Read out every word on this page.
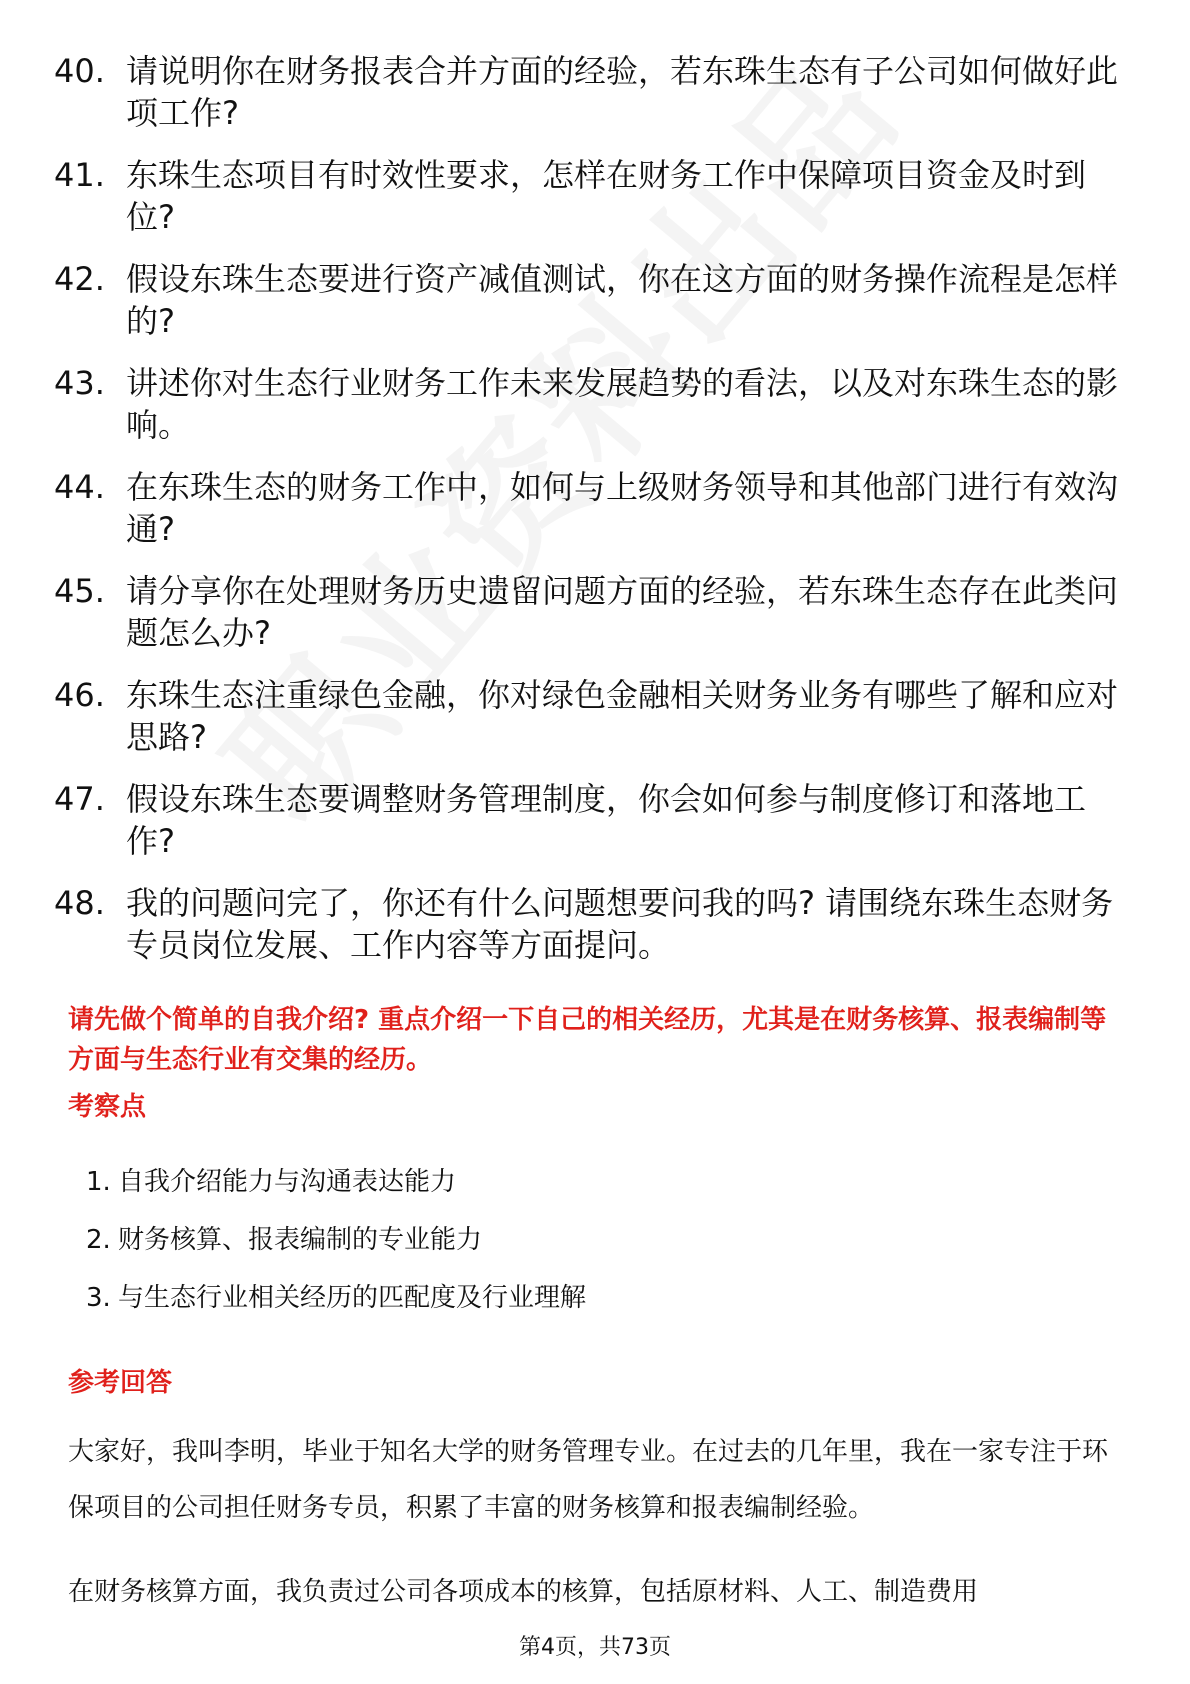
40. 请说明你在财务报表合并方面的经验，若东珠生态有子公司如何做好此项工作?
41. 东珠生态项目有时效性要求，怎样在财务工作中保障项目资金及时到位?
42. 假设东珠生态要进行资产减值测试，你在这方面的财务操作流程是怎样的?
43. 讲述你对生态行业财务工作未来发展趋势的看法，以及对东珠生态的影响。
44. 在东珠生态的财务工作中，如何与上级财务领导和其他部门进行有效沟通?
45. 请分享你在处理财务历史遗留问题方面的经验，若东珠生态存在此类问题怎么办?
46. 东珠生态注重绿色金融，你对绿色金融相关财务业务有哪些了解和应对思路?
47. 假设东珠生态要调整财务管理制度，你会如何参与制度修订和落地工作?
48. 我的问题问完了，你还有什么问题想要问我的吗? 请围绕东珠生态财务专员岗位发展、工作内容等方面提问。

请先做个简单的自我介绍? 重点介绍一下自己的相关经历，尤其是在财务核算、报表编制等方面与生态行业有交集的经历。

考察点
1. 自我介绍能力与沟通表达能力
2. 财务核算、报表编制的专业能力
3. 与生态行业相关经历的匹配度及行业理解
参考回答

大家好，我叫李明，毕业于知名大学的财务管理专业。在过去的几年里，我在一家专注于环保项目的公司担任财务专员，积累了丰富的财务核算和报表编制经验。

在财务核算方面，我负责过公司各项成本的核算，包括原材料、人工、制造费用

第4页，共73页
